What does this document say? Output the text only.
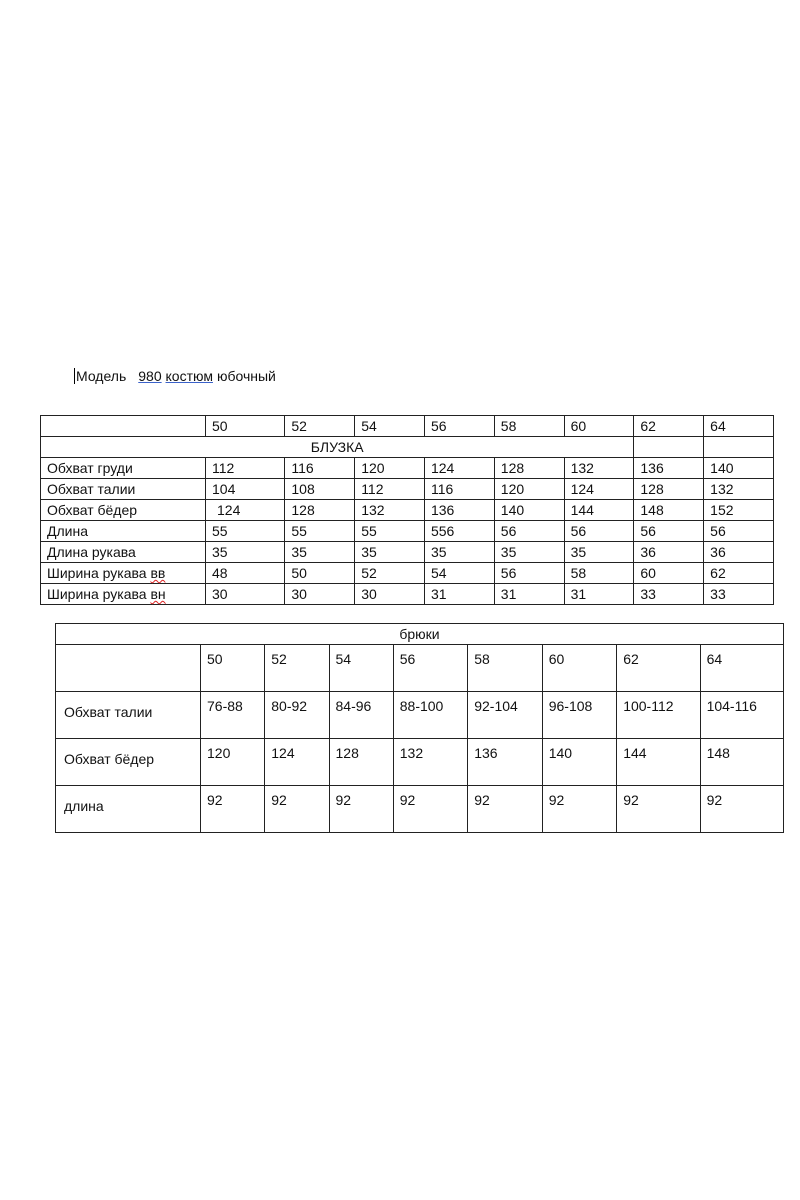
Модель 980 костюм юбочный
	50	52	54	56	58	60	62	64
БЛУЗКА								
Обхват груди	112	116	120	124	128	132	136	140
Обхват талии	104	108	112	116	120	124	128	132
Обхват бёдер	124	128	132	136	140	144	148	152
Длина	55	55	55	556	56	56	56	56
Длина рукава	35	35	35	35	35	35	36	36
Ширина рукава вв	48	50	52	54	56	58	60	62
Ширина рукава вн	30	30	30	31	31	31	33	33
брюки								
	50	52	54	56	58	60	62	64
Обхват талии	76-88	80-92	84-96	88-100	92-104	96-108	100-112	104-116
Обхват бёдер	120	124	128	132	136	140	144	148
длина	92	92	92	92	92	92	92	92
